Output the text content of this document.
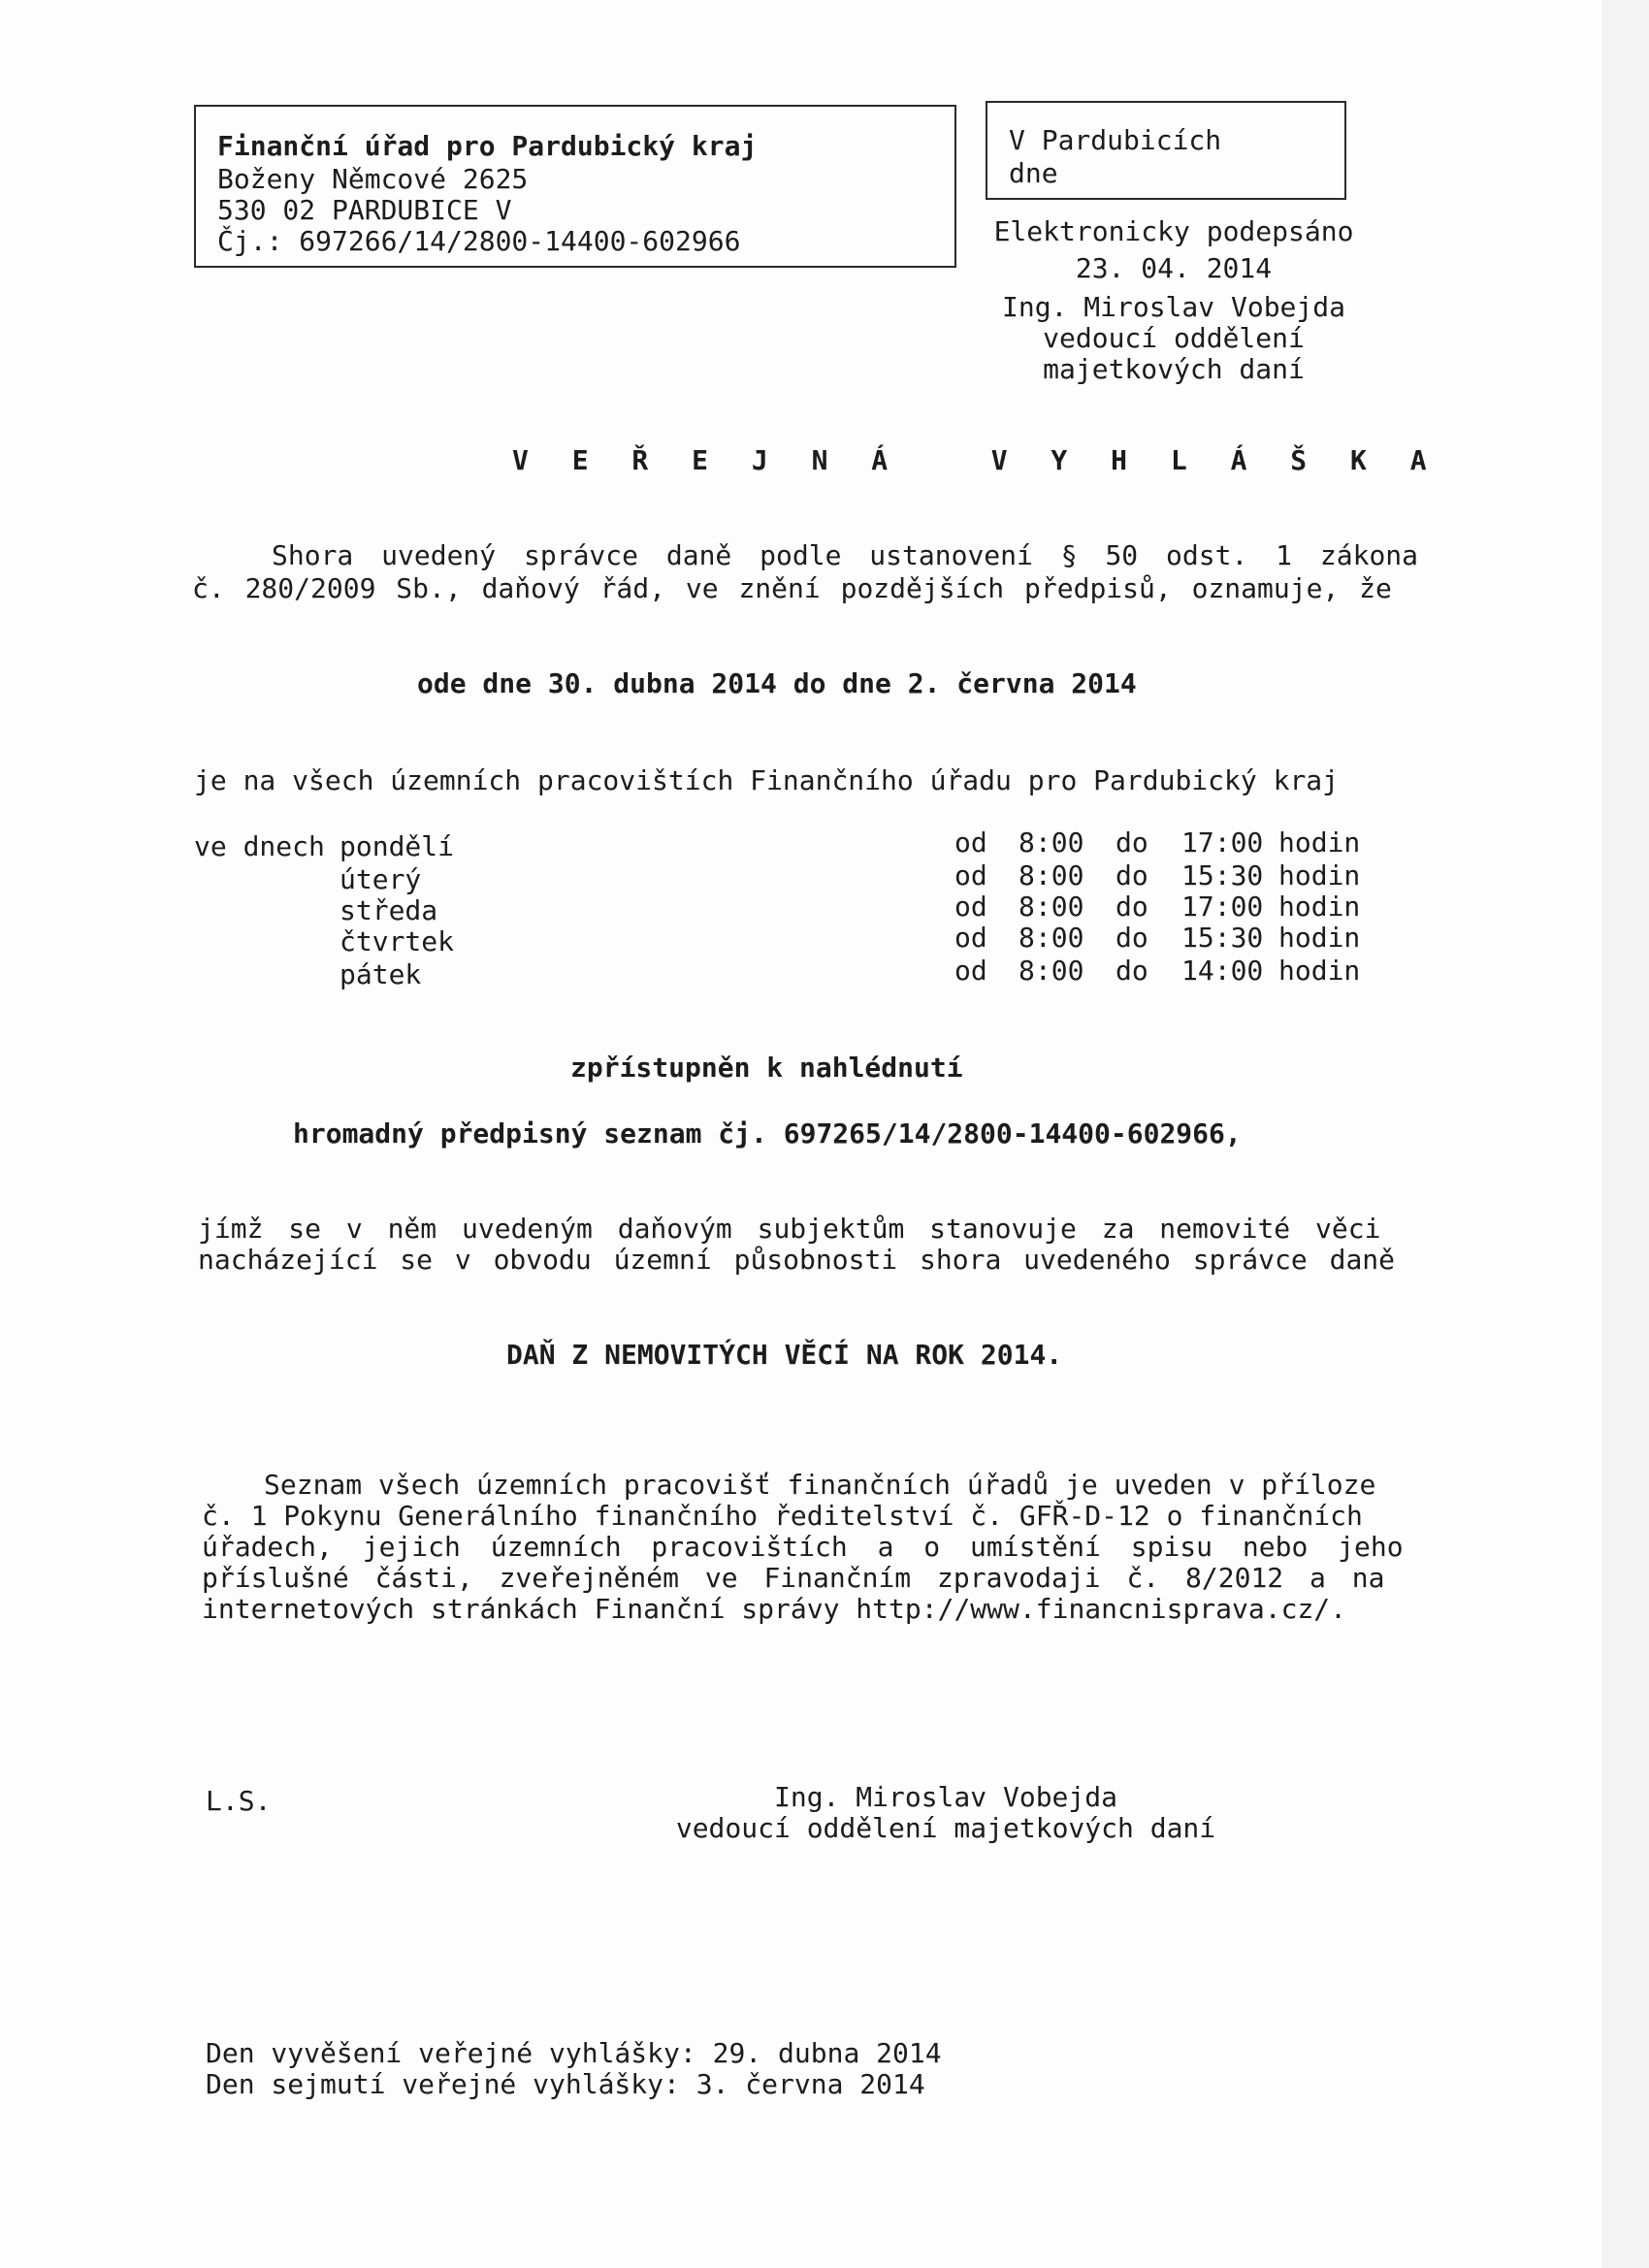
Finanční úřad pro Pardubický kraj
Boženy Němcové 2625
530 02 PARDUBICE V
Čj.: 697266/14/2800-14400-602966
V Pardubicích
dne
Elektronicky podepsáno
23. 04. 2014
Ing. Miroslav Vobejda
vedoucí oddělení
majetkových daní
V E Ř E J N Á   V Y H L Á Š K A
Shora uvedený správce daně podle ustanovení § 50 odst. 1 zákona
č. 280/2009 Sb., daňový řád, ve znění pozdějších předpisů, oznamuje, že
ode dne 30. dubna 2014 do dne 2. června 2014
je na všech územních pracovištích Finančního úřadu pro Pardubický kraj
ve dnech pondělí	od 8:00 do 17:00 hodin
úterý	od 8:00 do 15:30 hodin
středa	od 8:00 do 17:00 hodin
čtvrtek	od 8:00 do 15:30 hodin
pátek	od 8:00 do 14:00 hodin
zpřístupněn k nahlédnutí
hromadný předpisný seznam čj. 697265/14/2800-14400-602966,
jímž se v něm uvedeným daňovým subjektům stanovuje za nemovité věci
nacházející se v obvodu územní působnosti shora uvedeného správce daně
DAŇ Z NEMOVITÝCH VĚCÍ NA ROK 2014.
Seznam všech územních pracovišť finančních úřadů je uveden v příloze
č. 1 Pokynu Generálního finančního ředitelství č. GFŘ-D-12 o finančních
úřadech, jejich územních pracovištích a o umístění spisu nebo jeho
příslušné části, zveřejněném ve Finančním zpravodaji č. 8/2012 a na
internetových stránkách Finanční správy http://www.financnisprava.cz/.
L.S.	Ing. Miroslav Vobejda
vedoucí oddělení majetkových daní
Den vyvěšení veřejné vyhlášky: 29. dubna 2014
Den sejmutí veřejné vyhlášky: 3. června 2014
